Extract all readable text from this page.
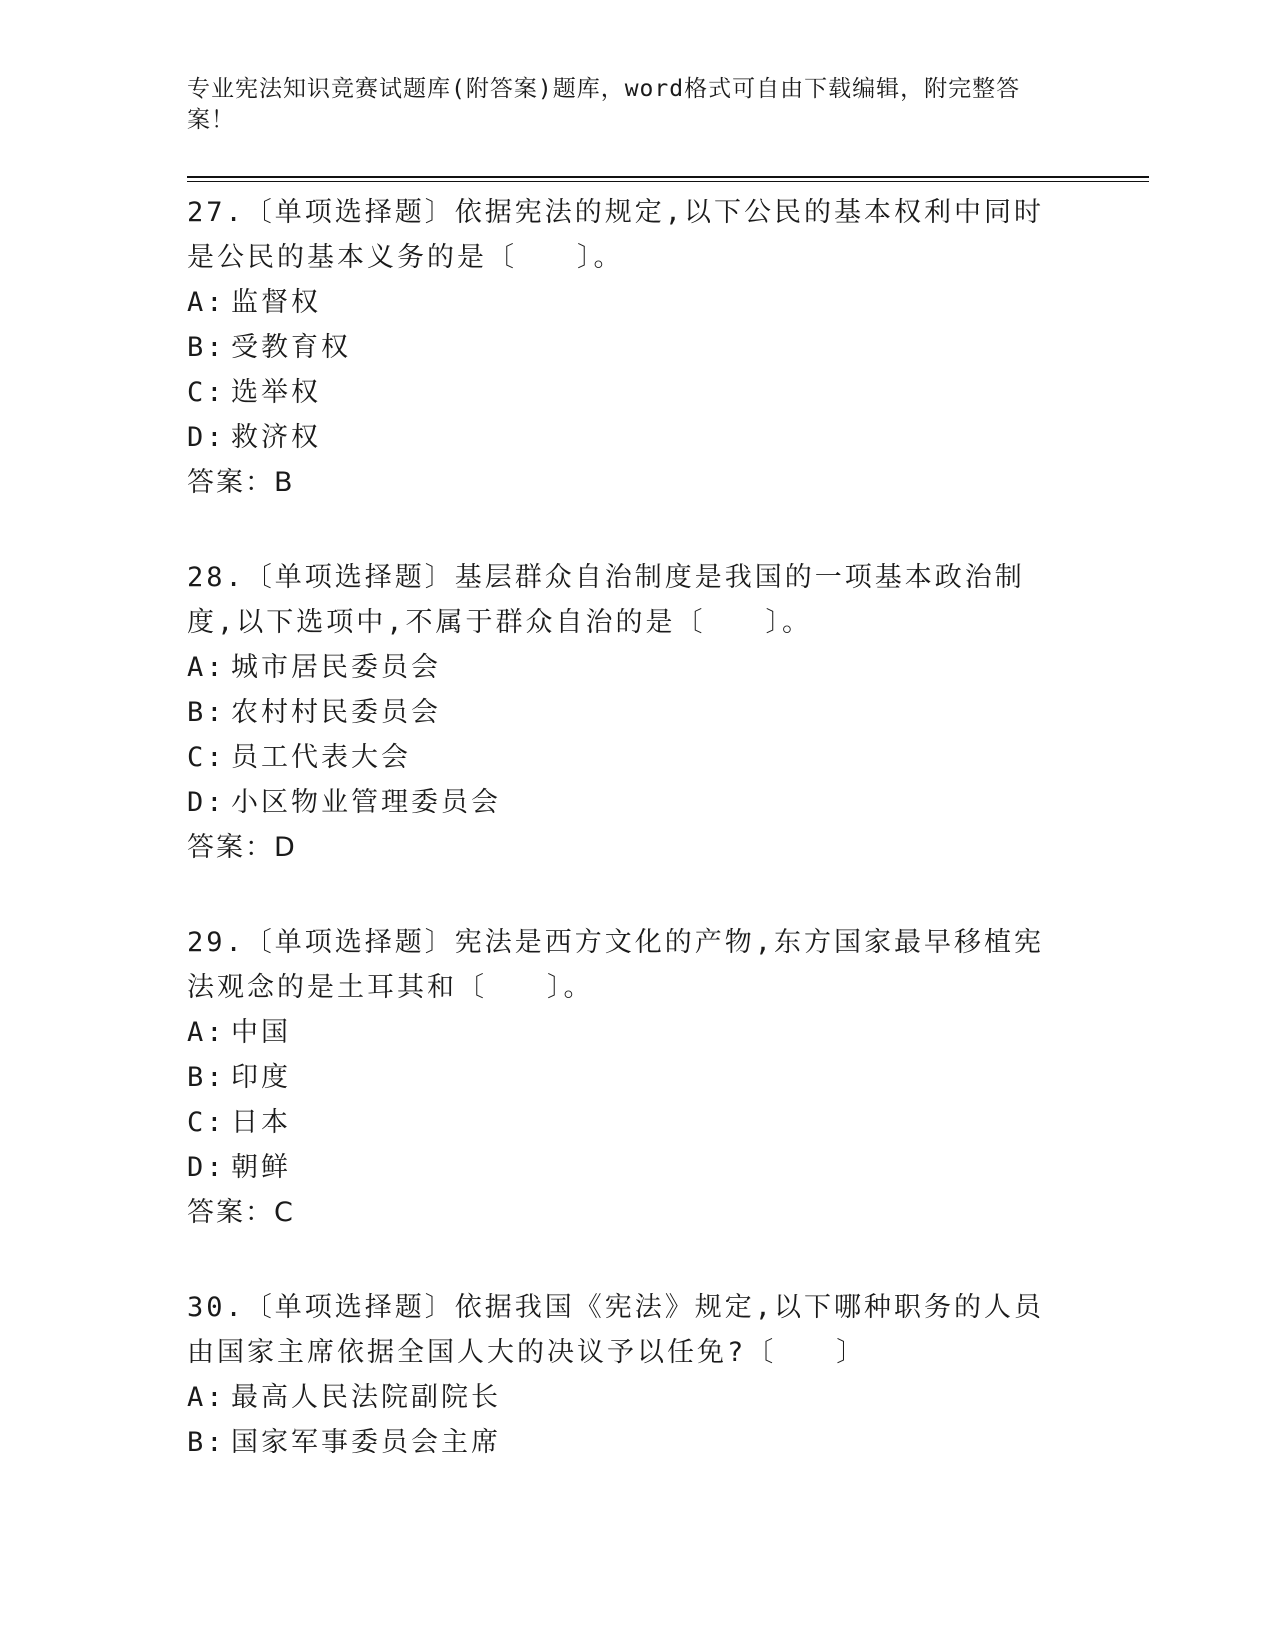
专业宪法知识竞赛试题库(附答案)题库，word格式可自由下载编辑，附完整答案！
27.〔单项选择题〕依据宪法的规定,以下公民的基本权利中同时是公民的基本义务的是〔　　〕。
A: 监督权
B: 受教育权
C: 选举权
D: 救济权
答案：B
28.〔单项选择题〕基层群众自治制度是我国的一项基本政治制度,以下选项中,不属于群众自治的是〔　　〕。
A: 城市居民委员会
B: 农村村民委员会
C: 员工代表大会
D: 小区物业管理委员会
答案：D
29.〔单项选择题〕宪法是西方文化的产物,东方国家最早移植宪法观念的是土耳其和〔　　〕。
A: 中国
B: 印度
C: 日本
D: 朝鲜
答案：C
30.〔单项选择题〕依据我国《宪法》规定,以下哪种职务的人员由国家主席依据全国人大的决议予以任免?〔　　〕
A: 最高人民法院副院长
B: 国家军事委员会主席
